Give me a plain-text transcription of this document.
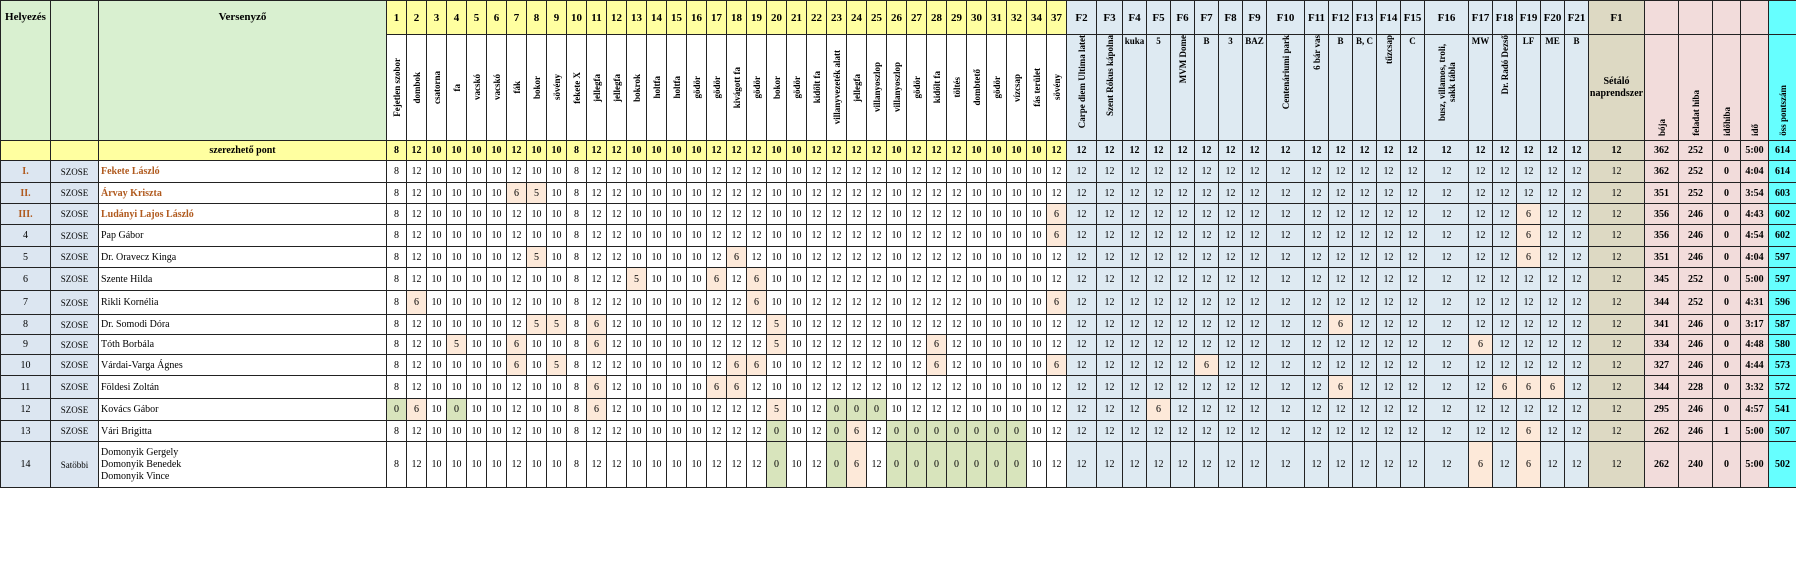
Helyezés		Versenyző	1	2	3	4	5	6	7	8	9	10	11	12	13	14	15	16	17	18	19	20	21	22	23	24	25	26	27	28	29	30	31	32	34	37	F2	F3	F4	F5	F6	F7	F8	F9	F10	F11	F12	F13	F14	F15	F16	F17	F18	F19	F20	F21	F1					

			Fejetlen szobor	dombok	csatorna	fa	vacskó	vacskó	fák	bokor	sövény	fekete X	jellegfa	jellegfa	bokrok	holtfa	holtfa	gödör	gödör	kivágott fa	gödör	bokor	gödör	kidőlt fa	villanyvezeték alatt	jellegfa	villanyoszlop	villanyoszlop	gödör	kidőlt fa	töltés	dombtető	gödör	vízcsap	fás terület	sövény	Carpe diem Ultima latet	Szent Rókus kápolna	kuka	5	MVM Dome	B	3	BAZ	Centenáriumi park	6 bár vas	B	B, C	tűzcsap	C	busz, villamos, troli, sakk tábla	MW	Dr. Radó Dezső	LF	ME	B	Sétáló naprendszer	bója	feladat hiba	időhiba	idő	öss pontszám

		szerezhető pont	8	12	10	10	10	10	12	10	10	8	12	12	10	10	10	10	12	12	12	10	10	12	12	12	12	10	12	12	12	10	10	10	10	12	12	12	12	12	12	12	12	12	12	12	12	12	12	12	12	12	12	12	12	12	12	362	252	0	5:00	614
I.	SZOSE	Fekete László	8	12	10	10	10	10	12	10	10	8	12	12	10	10	10	10	12	12	12	10	10	12	12	12	12	10	12	12	12	10	10	10	10	12	12	12	12	12	12	12	12	12	12	12	12	12	12	12	12	12	12	12	12	12	12	362	252	0	4:04	614
II.	SZOSE	Árvay Kriszta	8	12	10	10	10	10	6	5	10	8	12	12	10	10	10	10	12	12	12	10	10	12	12	12	12	10	12	12	12	10	10	10	10	12	12	12	12	12	12	12	12	12	12	12	12	12	12	12	12	12	12	12	12	12	12	351	252	0	3:54	603
III.	SZOSE	Ludányi Lajos László	8	12	10	10	10	10	12	10	10	8	12	12	10	10	10	10	12	12	12	10	10	12	12	12	12	10	12	12	12	10	10	10	10	6	12	12	12	12	12	12	12	12	12	12	12	12	12	12	12	12	12	6	12	12	12	356	246	0	4:43	602
4	SZOSE	Pap Gábor	8	12	10	10	10	10	12	10	10	8	12	12	10	10	10	10	12	12	12	10	10	12	12	12	12	10	12	12	12	10	10	10	10	6	12	12	12	12	12	12	12	12	12	12	12	12	12	12	12	12	12	6	12	12	12	356	246	0	4:54	602
5	SZOSE	Dr. Oravecz Kinga	8	12	10	10	10	10	12	5	10	8	12	12	10	10	10	10	12	6	12	10	10	12	12	12	12	10	12	12	12	10	10	10	10	12	12	12	12	12	12	12	12	12	12	12	12	12	12	12	12	12	12	6	12	12	12	351	246	0	4:04	597
6	SZOSE	Szente Hilda	8	12	10	10	10	10	12	10	10	8	12	12	5	10	10	10	6	12	6	10	10	12	12	12	12	10	12	12	12	10	10	10	10	12	12	12	12	12	12	12	12	12	12	12	12	12	12	12	12	12	12	12	12	12	12	345	252	0	5:00	597
7	SZOSE	Rikli Kornélia	8	6	10	10	10	10	12	10	10	8	12	12	10	10	10	10	12	12	6	10	10	12	12	12	12	10	12	12	12	10	10	10	10	6	12	12	12	12	12	12	12	12	12	12	12	12	12	12	12	12	12	12	12	12	12	344	252	0	4:31	596
8	SZOSE	Dr. Somodi Dóra	8	12	10	10	10	10	12	5	5	8	6	12	10	10	10	10	12	12	12	5	10	12	12	12	12	10	12	12	12	10	10	10	10	12	12	12	12	12	12	12	12	12	12	12	6	12	12	12	12	12	12	12	12	12	12	341	246	0	3:17	587
9	SZOSE	Tóth Borbála	8	12	10	5	10	10	6	10	10	8	6	12	10	10	10	10	12	12	12	5	10	12	12	12	12	10	12	6	12	10	10	10	10	12	12	12	12	12	12	12	12	12	12	12	12	12	12	12	12	6	12	12	12	12	12	334	246	0	4:48	580
10	SZOSE	Várdai-Varga Ágnes	8	12	10	10	10	10	6	10	5	8	12	12	10	10	10	10	12	6	6	10	10	12	12	12	12	10	12	6	12	10	10	10	10	6	12	12	12	12	12	6	12	12	12	12	12	12	12	12	12	12	12	12	12	12	12	327	246	0	4:44	573
11	SZOSE	Földesi Zoltán	8	12	10	10	10	10	12	10	10	8	6	12	10	10	10	10	6	6	12	10	10	12	12	12	12	10	12	12	12	10	10	10	10	12	12	12	12	12	12	12	12	12	12	12	6	12	12	12	12	12	6	6	6	12	12	344	228	0	3:32	572
12	SZOSE	Kovács Gábor	0	6	10	0	10	10	12	10	10	8	6	12	10	10	10	10	12	12	12	5	10	12	0	0	0	10	12	12	12	10	10	10	10	12	12	12	12	6	12	12	12	12	12	12	12	12	12	12	12	12	12	12	12	12	12	295	246	0	4:57	541
13	SZOSE	Vári Brigitta	8	12	10	10	10	10	12	10	10	8	12	12	10	10	10	10	12	12	12	0	10	12	0	6	12	0	0	0	0	0	0	0	10	12	12	12	12	12	12	12	12	12	12	12	12	12	12	12	12	12	12	6	12	12	12	262	246	1	5:00	507
14	Satöbbi	Domonyik Gergely
Domonyik Benedek
Domonyik Vince	8	12	10	10	10	10	12	10	10	8	12	12	10	10	10	10	12	12	12	0	10	12	0	6	12	0	0	0	0	0	0	0	10	12	12	12	12	12	12	12	12	12	12	12	12	12	12	12	12	6	12	6	12	12	12	262	240	0	5:00	502
